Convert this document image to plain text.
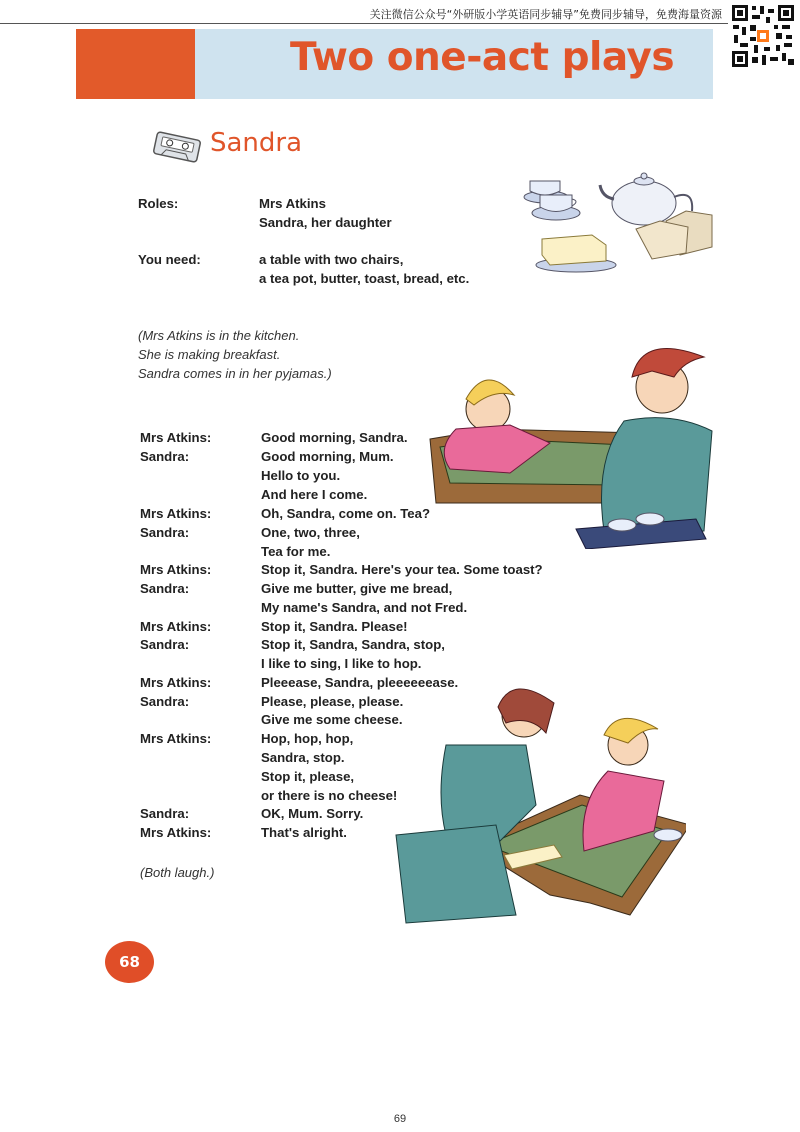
关注微信公众号“外研版小学英语同步辅导”免费同步辅导，免费海量资源
Two one-act plays
Sandra
Roles:	Mrs Atkins
Sandra, her daughter
You need:	a table with two chairs,
a tea pot, butter, toast, bread, etc.
(Mrs Atkins is in the kitchen.
She is making breakfast.
Sandra comes in in her pyjamas.)
Mrs Atkins:	Good morning, Sandra.
Sandra:	Good morning, Mum.
Hello to you.
And here I come.
Mrs Atkins:	Oh, Sandra, come on. Tea?
Sandra:	One, two, three,
Tea for me.
Mrs Atkins:	Stop it, Sandra. Here's your tea. Some toast?
Sandra:	Give me butter, give me bread,
My name's Sandra, and not Fred.
Mrs Atkins:	Stop it, Sandra. Please!
Sandra:	Stop it, Sandra, Sandra, stop,
I like to sing, I like to hop.
Mrs Atkins:	Pleeease, Sandra, pleeeeeease.
Sandra:	Please, please, please.
Give me some cheese.
Mrs Atkins:	Hop, hop, hop,
Sandra, stop.
Stop it, please,
or there is no cheese!
Sandra:	OK, Mum. Sorry.
Mrs Atkins:	That's alright.
(Both laugh.)
68
69
